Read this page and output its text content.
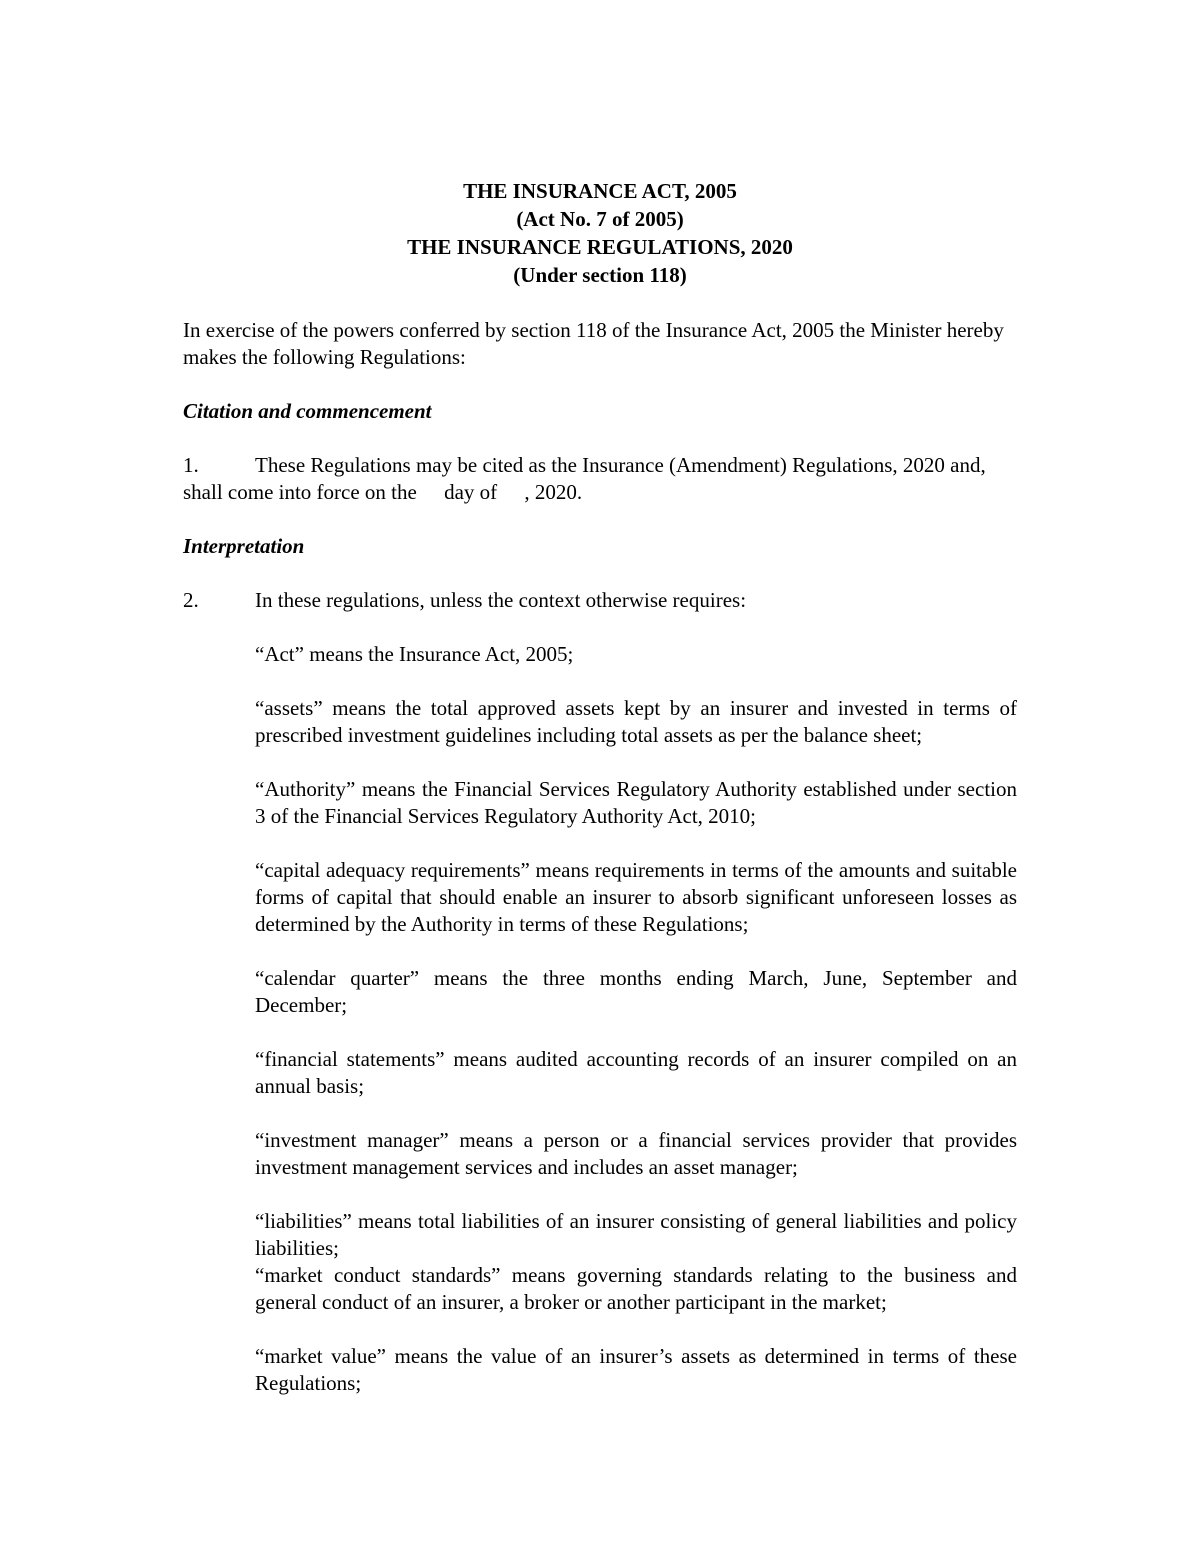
THE INSURANCE ACT, 2005
(Act No. 7 of 2005)
THE INSURANCE REGULATIONS, 2020
(Under section 118)
In exercise of the powers conferred by section 118 of the Insurance Act, 2005 the Minister hereby makes the following Regulations:
Citation and commencement
1.	These Regulations may be cited as the Insurance (Amendment) Regulations, 2020 and, shall come into force on the day of , 2020.
Interpretation
2.	In these regulations, unless the context otherwise requires:
“Act” means the Insurance Act, 2005;
“assets” means the total approved assets kept by an insurer and invested in terms of prescribed investment guidelines including total assets as per the balance sheet;
“Authority” means the Financial Services Regulatory Authority established under section 3 of the Financial Services Regulatory Authority Act, 2010;
“capital adequacy requirements” means requirements in terms of the amounts and suitable forms of capital that should enable an insurer to absorb significant unforeseen losses as determined by the Authority in terms of these Regulations;
“calendar quarter” means the three months ending March, June, September and December;
“financial statements” means audited accounting records of an insurer compiled on an annual basis;
“investment manager” means a person or a financial services provider that provides investment management services and includes an asset manager;
“liabilities” means total liabilities of an insurer consisting of general liabilities and policy liabilities;
“market conduct standards” means governing standards relating to the business and general conduct of an insurer, a broker or another participant in the market;
“market value” means the value of an insurer’s assets as determined in terms of these Regulations;
